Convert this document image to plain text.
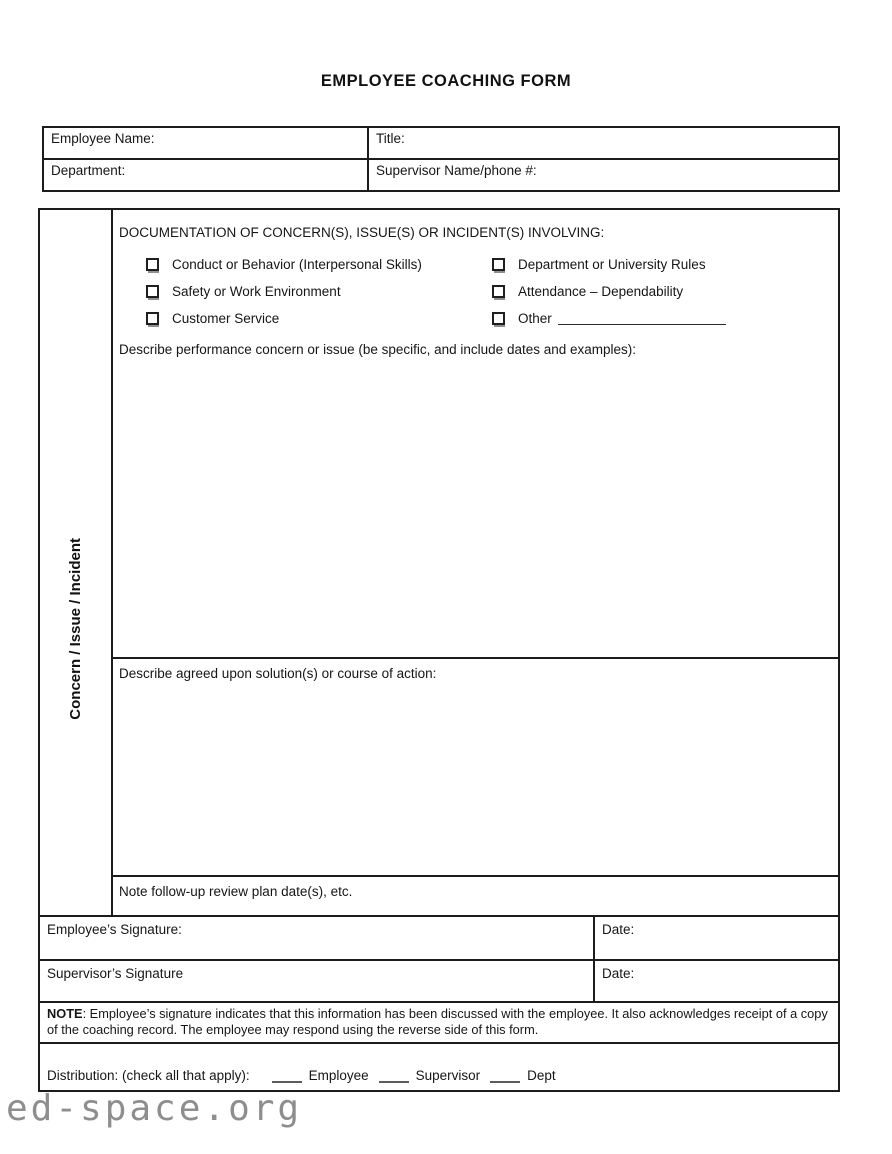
EMPLOYEE COACHING FORM
Employee Name:	Title:
Department:	Supervisor Name/phone #:
Concern / Issue / Incident
DOCUMENTATION OF CONCERN(S), ISSUE(S) OR INCIDENT(S) INVOLVING:
Conduct or Behavior (Interpersonal Skills)	Department or University Rules
Safety or Work Environment	Attendance – Dependability
Customer Service	Other
Describe performance concern or issue (be specific, and include dates and examples):
Describe agreed upon solution(s) or course of action:
Note follow-up review plan date(s), etc.
Employee’s Signature:	Date:
Supervisor’s Signature	Date:
NOTE: Employee’s signature indicates that this information has been discussed with the employee. It also acknowledges receipt of a copy of the coaching record. The employee may respond using the reverse side of this form.
Distribution: (check all that apply):	Employee	Supervisor	Dept
ed-space.org
